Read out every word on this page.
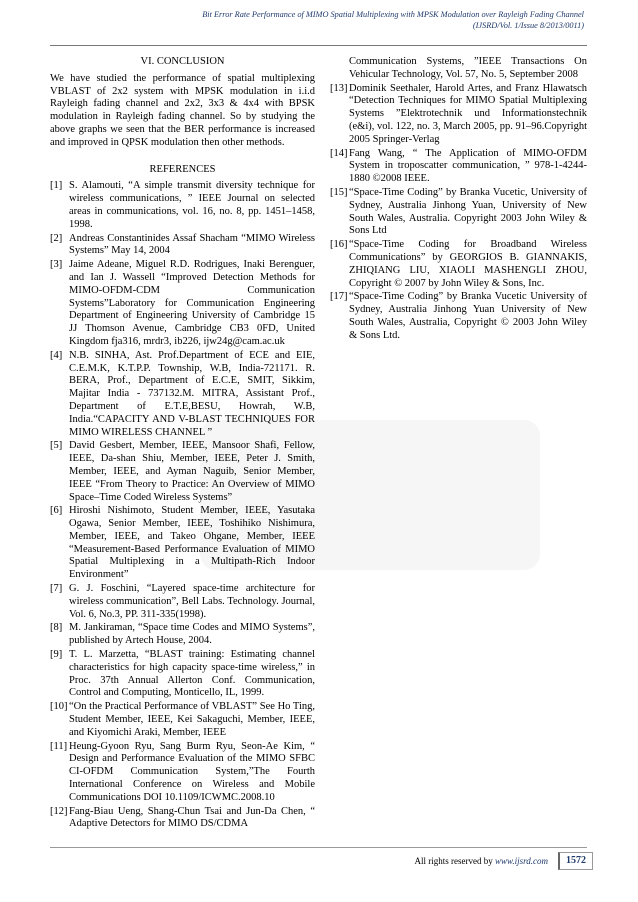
Bit Error Rate Performance of MIMO Spatial Multiplexing with MPSK Modulation over Rayleigh Fading Channel
(IJSRD/Vol. 1/Issue 8/2013/0011)
VI. CONCLUSION
We have studied the performance of spatial multiplexing VBLAST of 2x2 system with MPSK modulation in i.i.d Rayleigh fading channel and 2x2, 3x3 & 4x4 with BPSK modulation in Rayleigh fading channel. So by studying the above graphs we seen that the BER performance is increased and improved in QPSK modulation then other methods.
REFERENCES
[1] S. Alamouti, “A simple transmit diversity technique for wireless communications, ” IEEE Journal on selected areas in communications, vol. 16, no. 8, pp. 1451–1458, 1998.
[2] Andreas Constantinides Assaf Shacham “MIMO Wireless Systems” May 14, 2004
[3] Jaime Adeane, Miguel R.D. Rodrigues, Inaki Berenguer, and Ian J. Wassell “Improved Detection Methods for MIMO-OFDM-CDM Communication Systems”Laboratory for Communication Engineering Department of Engineering University of Cambridge 15 JJ Thomson Avenue, Cambridge CB3 0FD, United Kingdom fja316, mrdr3, ib226, ijw24g@cam.ac.uk
[4] N.B. SINHA, Ast. Prof.Department of ECE and EIE, C.E.M.K, K.T.P.P. Township, W.B, India-721171. R. BERA, Prof., Department of E.C.E, SMIT, Sikkim, Majitar India - 737132.M. MITRA, Assistant Prof., Department of E.T.E,BESU, Howrah, W.B, India.“CAPACITY AND V-BLAST TECHNIQUES FOR MIMO WIRELESS CHANNEL ”
[5] David Gesbert, Member, IEEE, Mansoor Shafi, Fellow, IEEE, Da-shan Shiu, Member, IEEE, Peter J. Smith, Member, IEEE, and Ayman Naguib, Senior Member, IEEE “From Theory to Practice: An Overview of MIMO Space–Time Coded Wireless Systems”
[6] Hiroshi Nishimoto, Student Member, IEEE, Yasutaka Ogawa, Senior Member, IEEE, Toshihiko Nishimura, Member, IEEE, and Takeo Ohgane, Member, IEEE “Measurement-Based Performance Evaluation of MIMO Spatial Multiplexing in a Multipath-Rich Indoor Environment”
[7] G. J. Foschini, “Layered space-time architecture for wireless communication”, Bell Labs. Technology. Journal, Vol. 6, No.3, PP. 311-335(1998).
[8] M. Jankiraman, “Space time Codes and MIMO Systems”, published by Artech House, 2004.
[9] T. L. Marzetta, “BLAST training: Estimating channel characteristics for high capacity space-time wireless,” in Proc. 37th Annual Allerton Conf. Communication, Control and Computing, Monticello, IL, 1999.
[10] “On the Practical Performance of VBLAST” See Ho Ting, Student Member, IEEE, Kei Sakaguchi, Member, IEEE, and Kiyomichi Araki, Member, IEEE
[11] Heung-Gyoon Ryu, Sang Burm Ryu, Seon-Ae Kim, “ Design and Performance Evaluation of the MIMO SFBC CI-OFDM Communication System,”The Fourth International Conference on Wireless and Mobile Communications DOI 10.1109/ICWMC.2008.10
[12] Fang-Biau Ueng, Shang-Chun Tsai and Jun-Da Chen, “ Adaptive Detectors for MIMO DS/CDMA
Communication Systems, ”IEEE Transactions On Vehicular Technology, Vol. 57, No. 5, September 2008
[13] Dominik Seethaler, Harold Artes, and Franz Hlawatsch “Detection Techniques for MIMO Spatial Multiplexing Systems ”Elektrotechnik und Informationstechnik (e&i), vol. 122, no. 3, March 2005, pp. 91–96.Copyright 2005 Springer-Verlag
[14] Fang Wang, “ The Application of MIMO-OFDM System in troposcatter communication, ” 978-1-4244-1880 ©2008 IEEE.
[15] “Space-Time Coding” by Branka Vucetic, University of Sydney, Australia Jinhong Yuan, University of New South Wales, Australia. Copyright 2003 John Wiley & Sons Ltd
[16] “Space-Time Coding for Broadband Wireless Communications” by GEORGIOS B. GIANNAKIS, ZHIQIANG LIU, XIAOLI MASHENGLI ZHOU, Copyright © 2007 by John Wiley & Sons, Inc.
[17] “Space-Time Coding” by Branka Vucetic University of Sydney, Australia Jinhong Yuan University of New South Wales, Australia, Copyright © 2003 John Wiley & Sons Ltd.
All rights reserved by www.ijsrd.com	1572
